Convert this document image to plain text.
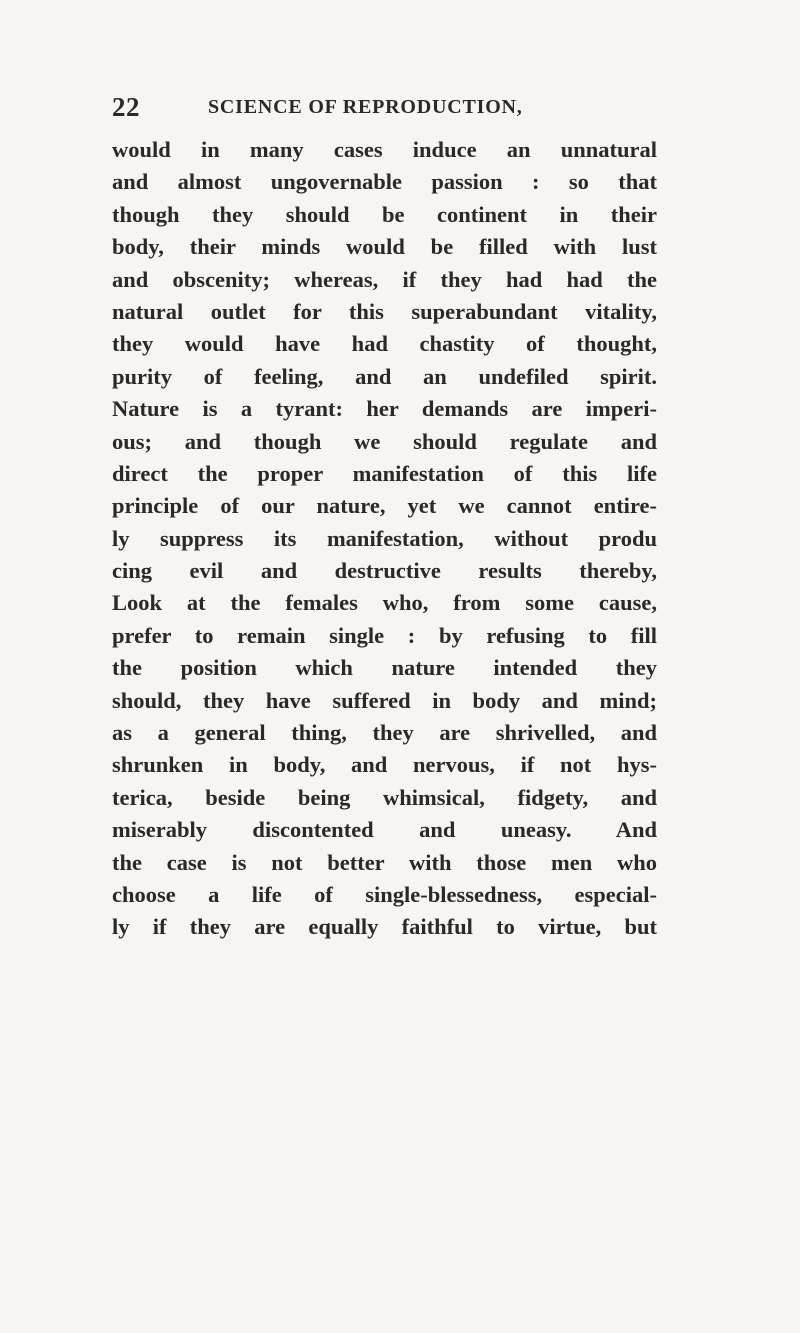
22	SCIENCE OF REPRODUCTION,
would in many cases induce an unnatural
and almost ungovernable passion : so that
though they should be continent in their
body, their minds would be filled with lust
and obscenity; whereas, if they had had the
natural outlet for this superabundant vitality,
they would have had chastity of thought,
purity of feeling, and an undefiled spirit.
Nature is a tyrant: her demands are imperi-
ous; and though we should regulate and
direct the proper manifestation of this life
principle of our nature, yet we cannot entire-
ly suppress its manifestation, without produ
cing evil and destructive results thereby,
Look at the females who, from some cause,
prefer to remain single : by refusing to fill
the position which nature intended they
should, they have suffered in body and mind;
as a general thing, they are shrivelled, and
shrunken in body, and nervous, if not hys-
terica, beside being whimsical, fidgety, and
miserably discontented and uneasy. And
the case is not better with those men who
choose a life of single-blessedness, especial-
ly if they are equally faithful to virtue, but
